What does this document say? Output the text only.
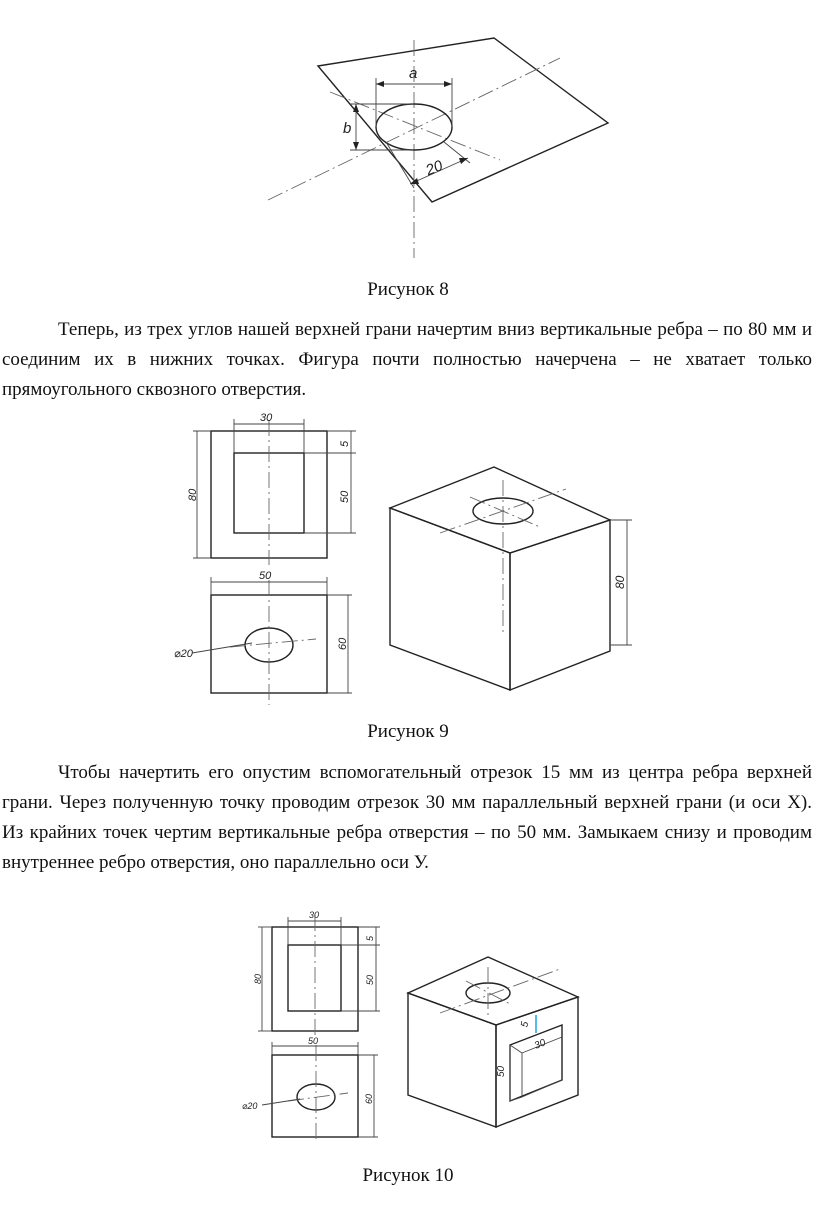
a
b
20

Рисунок 8

Теперь, из трех углов нашей верхней грани начертим вниз вертикальные ребра – по 80 мм и соединим их в нижних точках. Фигура почти полностью начерчена – не хватает только прямоугольного сквозного отверстия.

30
80
5
50
50
60
⌀20
80

Рисунок 9

Чтобы начертить его опустим вспомогательный отрезок 15 мм из центра ребра верхней грани. Через полученную точку проводим отрезок 30 мм параллельный верхней грани (и оси X). Из крайних точек чертим вертикальные ребра отверстия – по 50 мм. Замыкаем снизу и проводим внутреннее ребро отверстия, оно параллельно оси У.

30
80
5
50
50
60
⌀20
5
30
50

Рисунок 10
